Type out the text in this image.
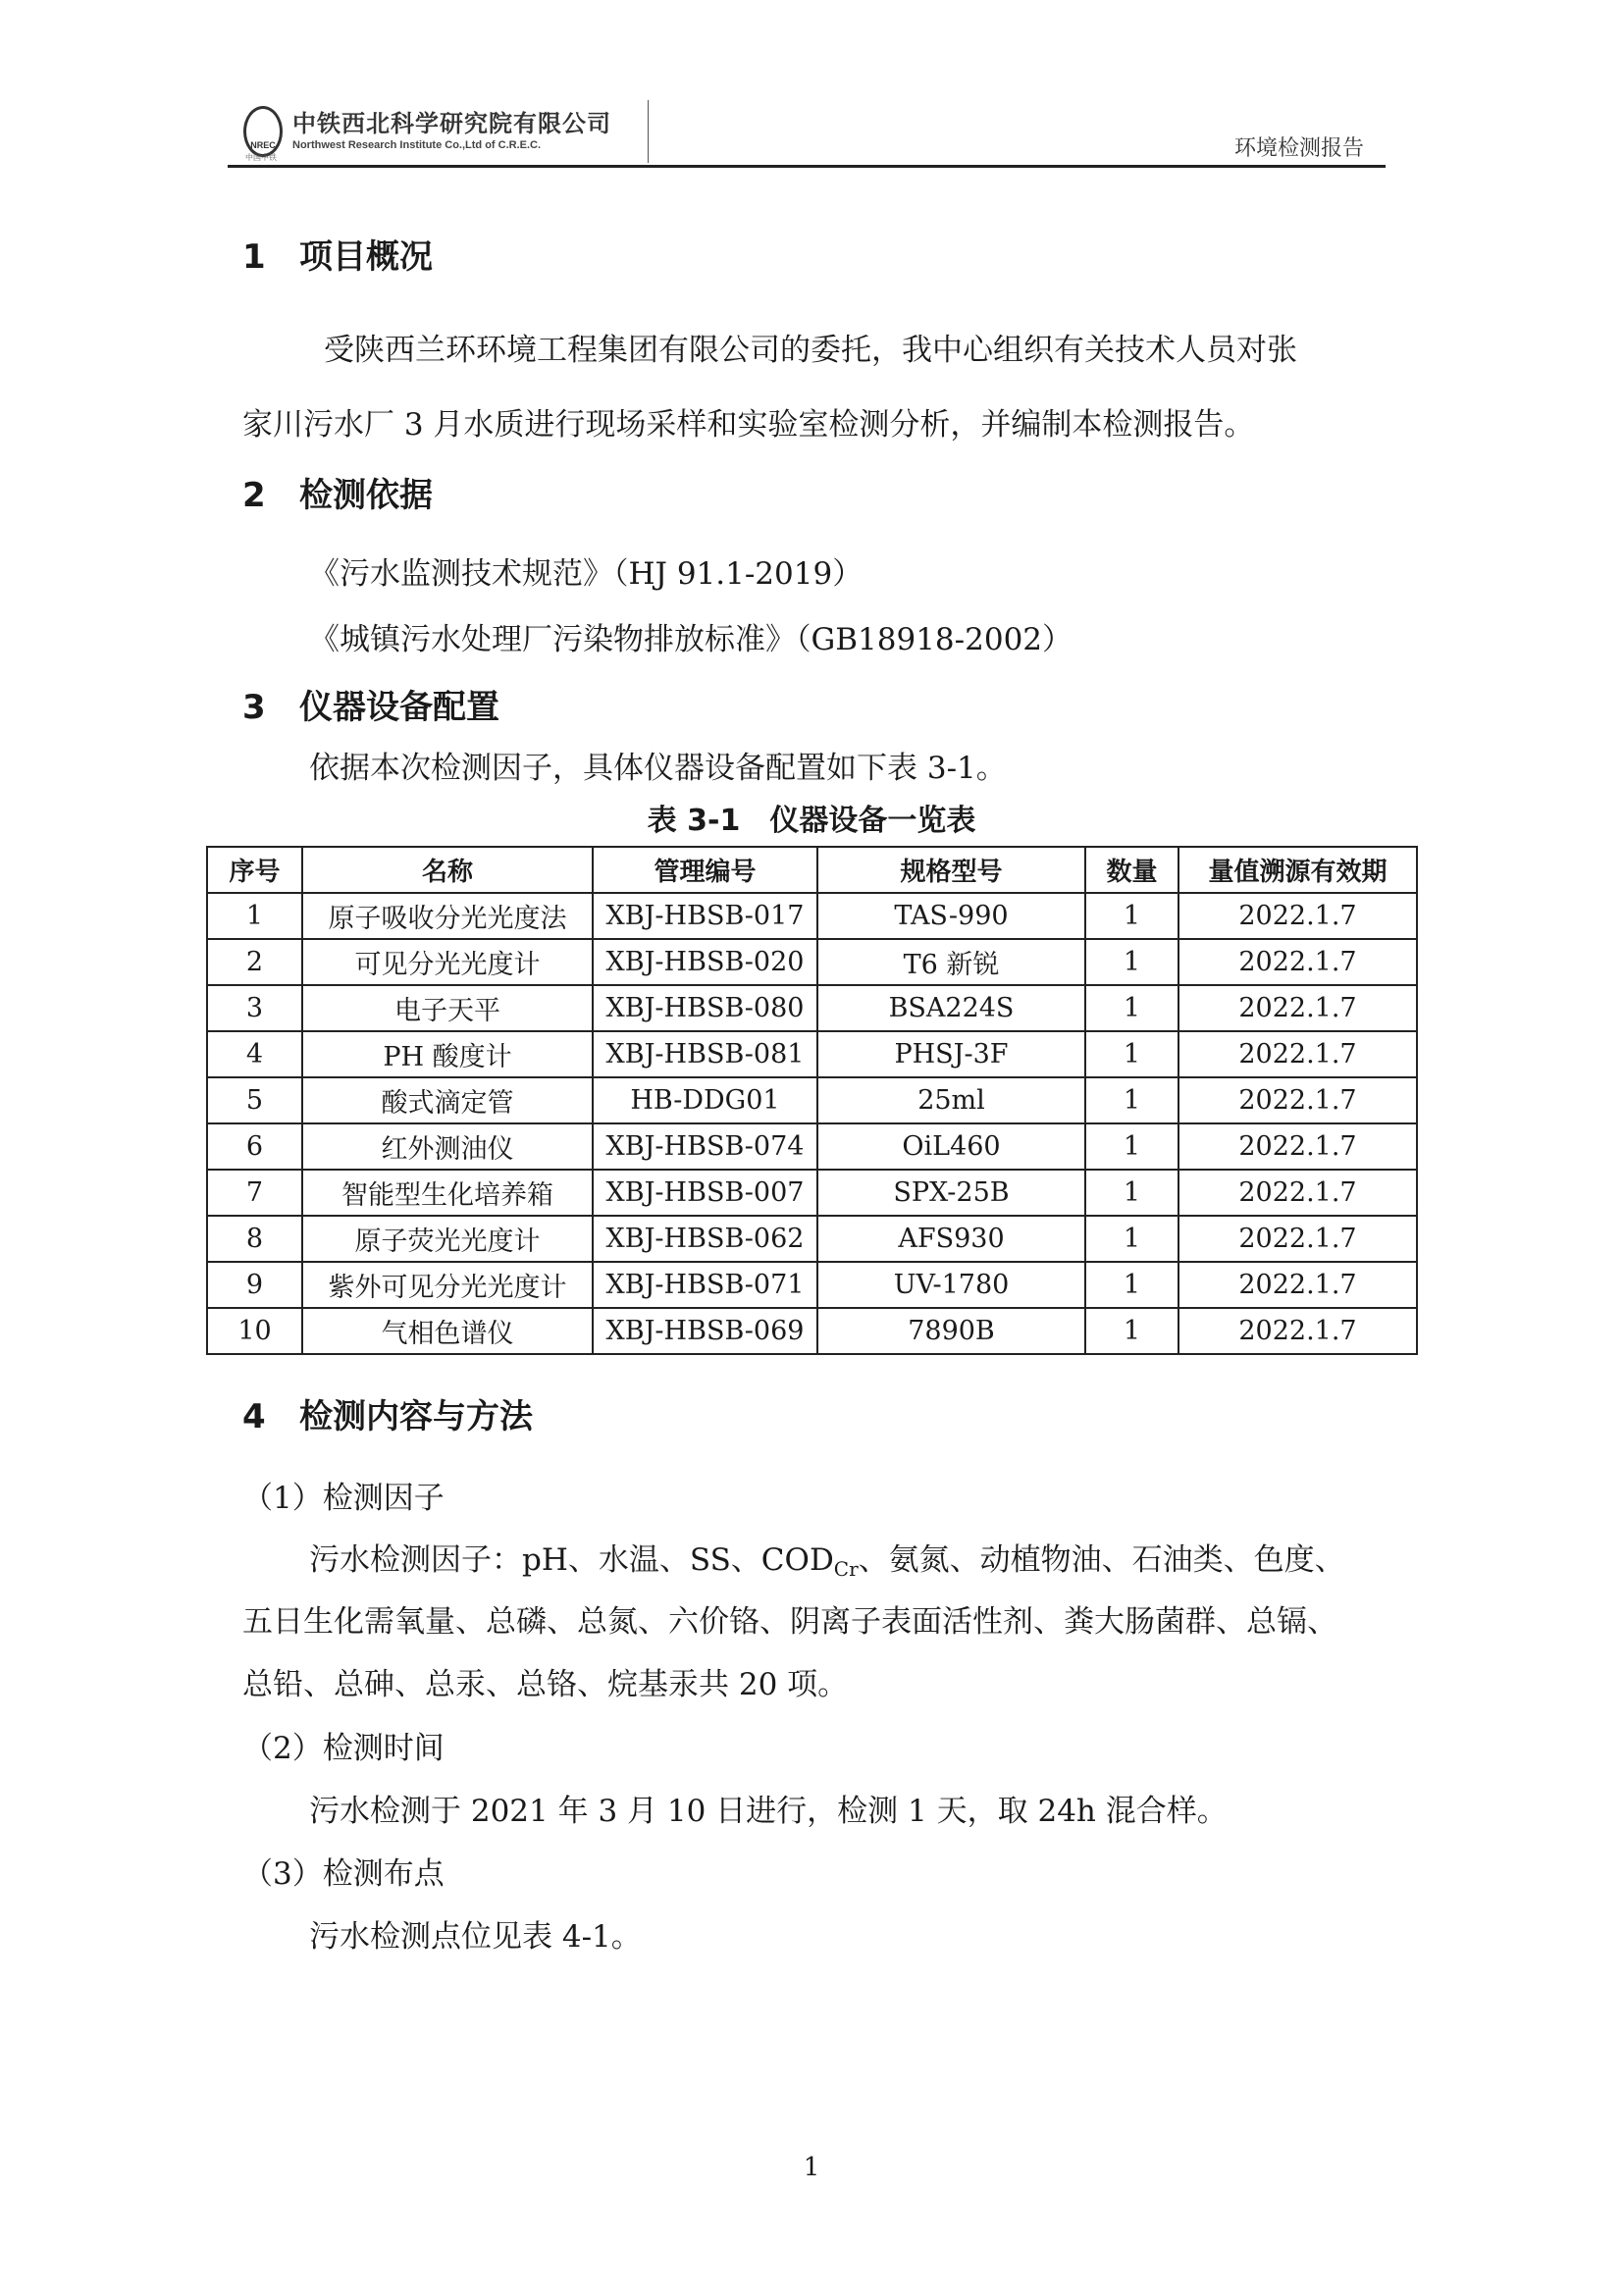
NREC
中铁西北科学研究院有限公司
Northwest Research Institute Co.,Ltd of C.R.E.C.
中国中铁	环境检测报告
1 项目概况
受陕西兰环环境工程集团有限公司的委托，我中心组织有关技术人员对张
家川污水厂 3 月水质进行现场采样和实验室检测分析，并编制本检测报告。
2 检测依据
《污水监测技术规范》（HJ 91.1-2019）
《城镇污水处理厂污染物排放标准》（GB18918-2002）
3 仪器设备配置
依据本次检测因子，具体仪器设备配置如下表 3-1。
表 3-1　仪器设备一览表
序号	名称	管理编号	规格型号	数量	量值溯源有效期
1	原子吸收分光光度法	XBJ-HBSB-017	TAS-990	1	2022.1.7
2	可见分光光度计	XBJ-HBSB-020	T6 新锐	1	2022.1.7
3	电子天平	XBJ-HBSB-080	BSA224S	1	2022.1.7
4	PH 酸度计	XBJ-HBSB-081	PHSJ-3F	1	2022.1.7
5	酸式滴定管	HB-DDG01	25ml	1	2022.1.7
6	红外测油仪	XBJ-HBSB-074	OiL460	1	2022.1.7
7	智能型生化培养箱	XBJ-HBSB-007	SPX-25B	1	2022.1.7
8	原子荧光光度计	XBJ-HBSB-062	AFS930	1	2022.1.7
9	紫外可见分光光度计	XBJ-HBSB-071	UV-1780	1	2022.1.7
10	气相色谱仪	XBJ-HBSB-069	7890B	1	2022.1.7
4 检测内容与方法
（1）检测因子
污水检测因子：pH、水温、SS、$COD_{Cr}$、氨氮、动植物油、石油类、色度、
五日生化需氧量、总磷、总氮、六价铬、阴离子表面活性剂、粪大肠菌群、总镉、
总铅、总砷、总汞、总铬、烷基汞共 20 项。
（2）检测时间
污水检测于 2021 年 3 月 10 日进行，检测 1 天，取 24h 混合样。
（3）检测布点
污水检测点位见表 4-1。
1
